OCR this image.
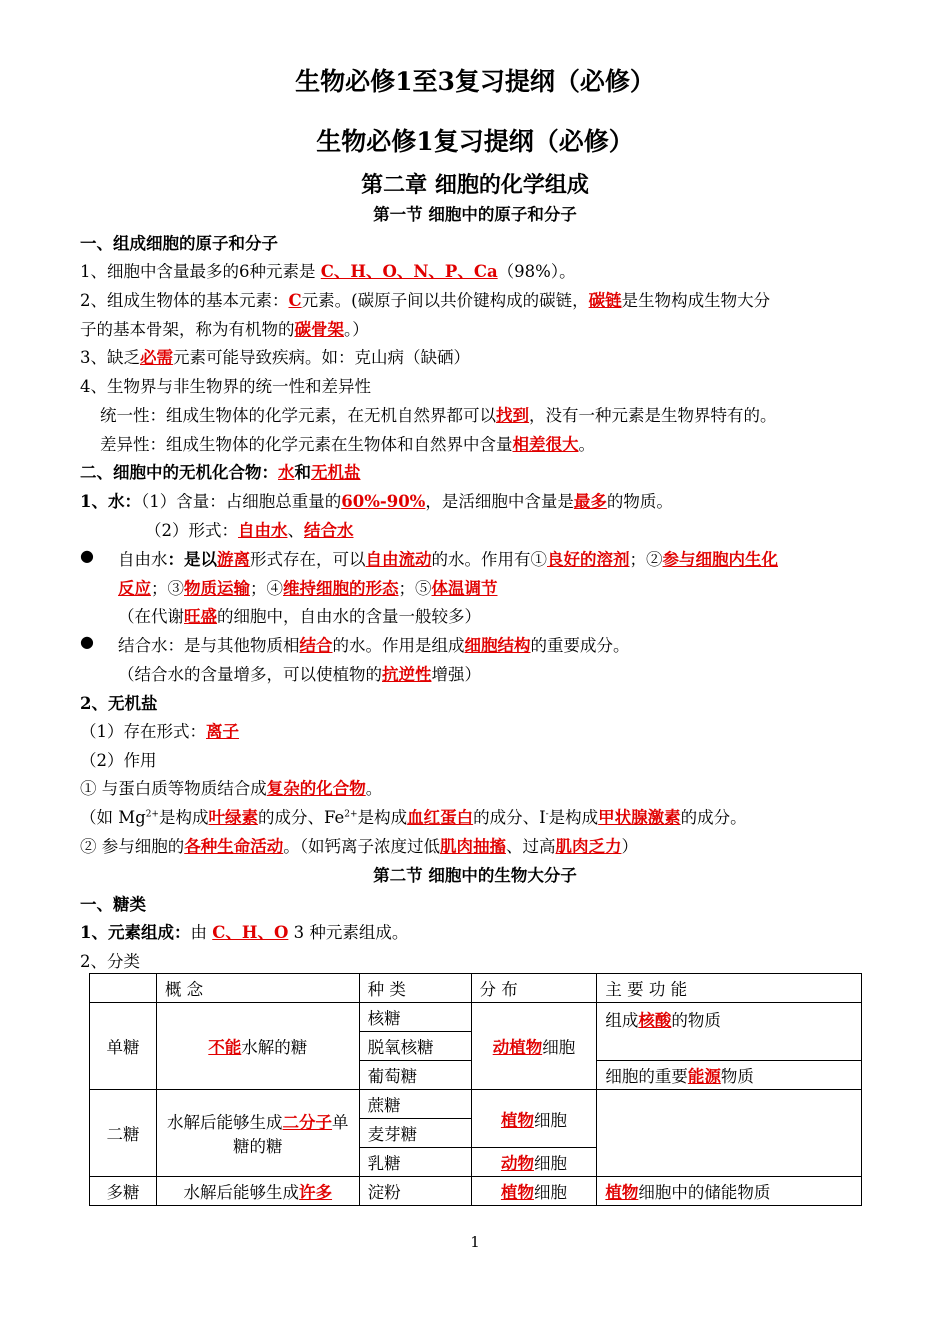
生物必修1至3复习提纲（必修）
生物必修1复习提纲（必修）
第二章 细胞的化学组成
第一节 细胞中的原子和分子
一、组成细胞的原子和分子
1、细胞中含量最多的6种元素是 C、H、O、N、P、Ca（98%）。
2、组成生物体的基本元素：C元素。(碳原子间以共价键构成的碳链，碳链是生物构成生物大分
子的基本骨架，称为有机物的碳骨架。）
3、缺乏必需元素可能导致疾病。如：克山病（缺硒）
4、生物界与非生物界的统一性和差异性
统一性：组成生物体的化学元素，在无机自然界都可以找到，没有一种元素是生物界特有的。
差异性：组成生物体的化学元素在生物体和自然界中含量相差很大。
二、细胞中的无机化合物：水和无机盐
1、水：（1）含量：占细胞总重量的60%-90%，是活细胞中含量是最多的物质。
（2）形式：自由水、结合水
● 自由水：是以游离形式存在，可以自由流动的水。作用有①良好的溶剂；②参与细胞内生化
反应；③物质运输；④维持细胞的形态；⑤体温调节
（在代谢旺盛的细胞中，自由水的含量一般较多）
● 结合水：是与其他物质相结合的水。作用是组成细胞结构的重要成分。
（结合水的含量增多，可以使植物的抗逆性增强）
2、无机盐
（1）存在形式：离子
（2）作用
① 与蛋白质等物质结合成复杂的化合物。
（如 $Mg^{2+}$是构成叶绿素的成分、$Fe^{2+}$是构成血红蛋白的成分、I-是构成甲状腺激素的成分。
② 参与细胞的各种生命活动。（如钙离子浓度过低肌肉抽搐、过高肌肉乏力）
第二节 细胞中的生物大分子
一、糖类
1、元素组成：由 C、H、O 3 种元素组成。
2、分类
	概 念	种 类	分 布	主 要 功 能
单糖	不能水解的糖	核糖	动植物细胞	组成核酸的物质
		脱氧核糖		
		葡萄糖		细胞的重要能源物质
二糖	水解后能够生成二分子单糖的糖	蔗糖	植物细胞	
		麦芽糖		
		乳糖	动物细胞	
多糖	水解后能够生成许多	淀粉	植物细胞	植物细胞中的储能物质
1
